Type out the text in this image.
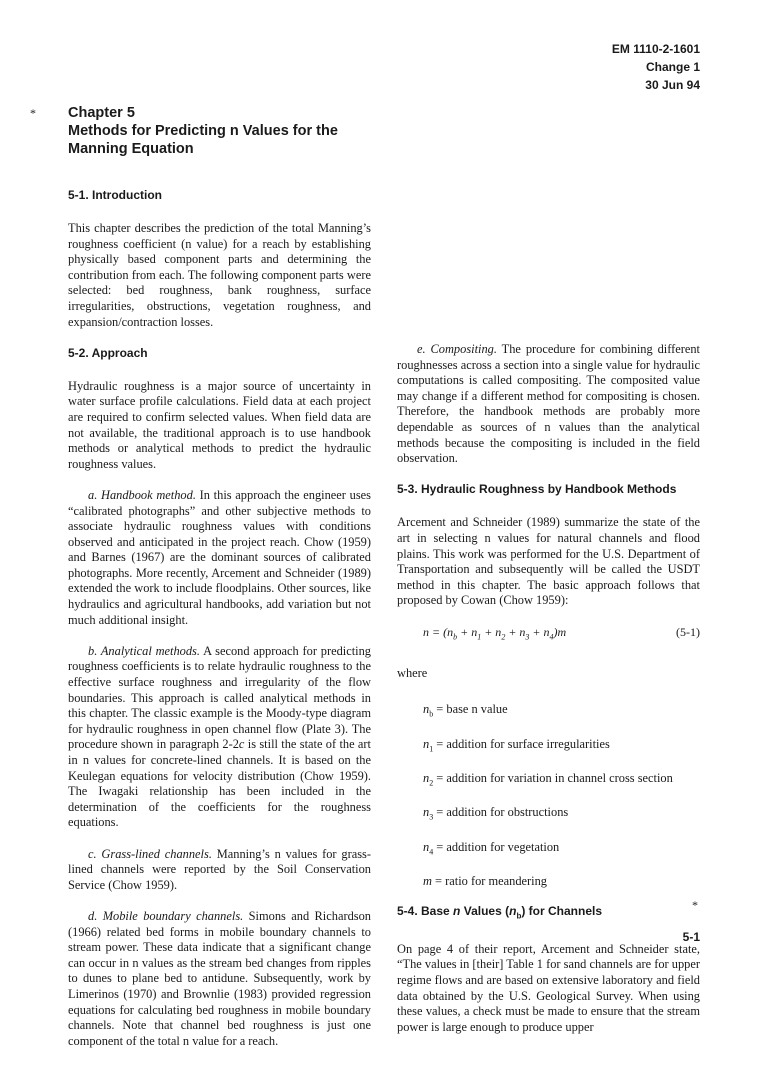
EM 1110-2-1601
Change 1
30 Jun 94
* Chapter 5
Methods for Predicting n Values for the Manning Equation
5-1. Introduction

This chapter describes the prediction of the total Manning’s roughness coefficient (n value) for a reach by establishing physically based component parts and determining the contribution from each. The following component parts were selected: bed roughness, bank roughness, surface irregularities, obstructions, vegetation roughness, and expansion/contraction losses.

5-2. Approach

Hydraulic roughness is a major source of uncertainty in water surface profile calculations. Field data at each project are required to confirm selected values. When field data are not available, the traditional approach is to use handbook methods or analytical methods to predict the hydraulic roughness values.

a. Handbook method. In this approach the engineer uses “calibrated photographs” and other subjective methods to associate hydraulic roughness values with conditions observed and anticipated in the project reach. Chow (1959) and Barnes (1967) are the dominant sources of calibrated photographs. More recently, Arcement and Schneider (1989) extended the work to include floodplains. Other sources, like hydraulics and agricultural handbooks, add variation but not much additional insight.

b. Analytical methods. A second approach for predicting roughness coefficients is to relate hydraulic roughness to the effective surface roughness and irregularity of the flow boundaries. This approach is called analytical methods in this chapter. The classic example is the Moody-type diagram for hydraulic roughness in open channel flow (Plate 3). The procedure shown in paragraph 2-2c is still the state of the art in n values for concrete-lined channels. It is based on the Keulegan equations for velocity distribution (Chow 1959). The Iwagaki relationship has been included in the determination of the coefficients for the roughness equations.

c. Grass-lined channels. Manning’s n values for grass-lined channels were reported by the Soil Conservation Service (Chow 1959).

d. Mobile boundary channels. Simons and Richardson (1966) related bed forms in mobile boundary channels to stream power. These data indicate that a significant change can occur in n values as the stream bed changes from ripples to dunes to plane bed to antidune. Subsequently, work by Limerinos (1970) and Brownlie (1983) provided regression equations for calculating bed roughness in mobile boundary channels. Note that channel bed roughness is just one component of the total n value for a reach.

e. Compositing. The procedure for combining different roughnesses across a section into a single value for hydraulic computations is called compositing. The composited value may change if a different method for compositing is chosen. Therefore, the handbook methods are probably more dependable as sources of n values than the analytical methods because the compositing is included in the field observation.

5-3. Hydraulic Roughness by Handbook Methods

Arcement and Schneider (1989) summarize the state of the art in selecting n values for natural channels and flood plains. This work was performed for the U.S. Department of Transportation and subsequently will be called the USDT method in this chapter. The basic approach follows that proposed by Cowan (Chow 1959):

$n = (n_b + n_1 + n_2 + n_3 + n_4)m$	(5-1)
where
$n_b$ = base n value
$n_1$ = addition for surface irregularities
$n_2$ = addition for variation in channel cross section
$n_3$ = addition for obstructions
$n_4$ = addition for vegetation
m = ratio for meandering
5-4. Base n Values $(n_b)$ for Channels

On page 4 of their report, Arcement and Schneider state, “The values in [their] Table 1 for sand channels are for upper regime flows and are based on extensive laboratory and field data obtained by the U.S. Geological Survey. When using these values, a check must be made to ensure that the stream power is large enough to produce upper

*
5-1
